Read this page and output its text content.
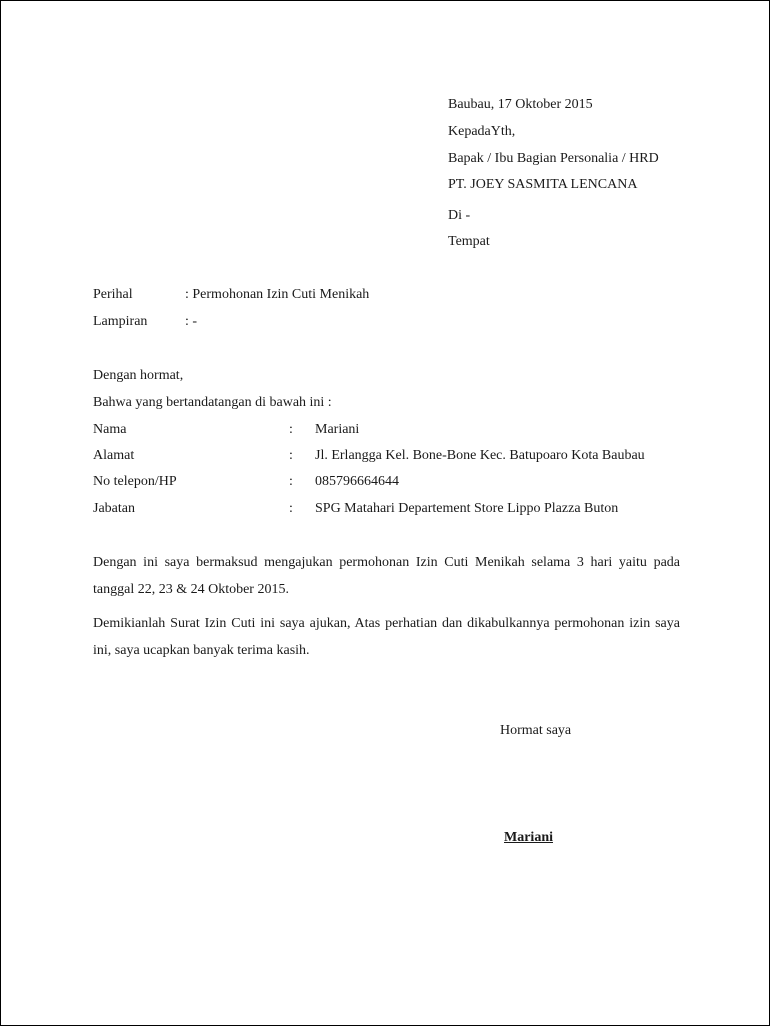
Baubau, 17 Oktober 2015
KepadaYth,
Bapak / Ibu Bagian Personalia / HRD
PT. JOEY SASMITA LENCANA
Di -
Tempat
Perihal	: Permohonan Izin Cuti Menikah
Lampiran	: -
Dengan hormat,
Bahwa yang bertandatangan di bawah ini :
Nama	: Mariani
Alamat	: Jl. Erlangga Kel. Bone-Bone Kec. Batupoaro Kota Baubau
No telepon/HP	: 085796664644
Jabatan	: SPG Matahari Departement Store Lippo Plazza Buton

Dengan ini saya bermaksud mengajukan permohonan Izin Cuti Menikah selama 3 hari yaitu pada tanggal 22, 23 & 24 Oktober 2015.

Demikianlah Surat Izin Cuti ini saya ajukan, Atas perhatian dan dikabulkannya permohonan izin saya ini, saya ucapkan banyak terima kasih.

Hormat saya
Mariani
